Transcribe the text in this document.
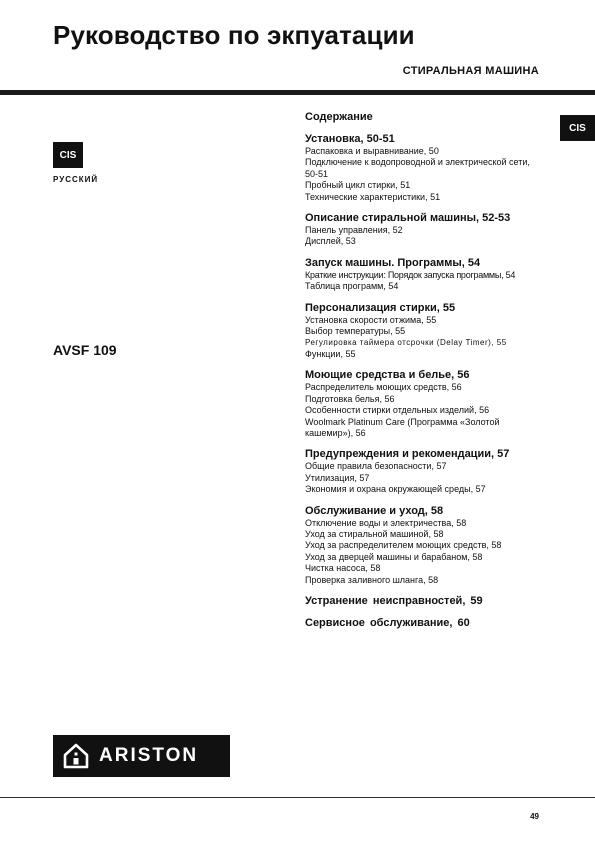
Руководство по экпуатации
СТИРАЛЬНАЯ МАШИНА
CIS
РУССКИЙ
CIS
AVSF 109
Содержание
Установка, 50-51
Распаковка и выравнивание, 50
Подключение к водопроводной и электрической сети, 50-51
Пробный цикл стирки, 51
Технические характеристики, 51
Описание стиральной машины, 52-53
Панель управления, 52
Дисплей, 53
Запуск машины. Программы, 54
Краткие инструкции: Порядок запуска программы, 54
Таблица программ, 54
Персонализация стирки, 55
Установка скорости отжима, 55
Выбор температуры, 55
Регулировка таймера отсрочки (Delay Timer), 55
Функции, 55
Моющие средства и белье, 56
Распределитель моющих средств, 56
Подготовка белья, 56
Особенности стирки отдельных изделий, 56
Woolmark Platinum Care (Программа «Золотой кашемир»), 56
Предупреждения и рекомендации, 57
Общие правила безопасности, 57
Утилизация, 57
Экономия и охрана окружающей среды, 57
Обслуживание и уход, 58
Отключение воды и электричества, 58
Уход за стиральной машиной, 58
Уход за распределителем моющих средств, 58
Уход за дверцей машины и барабаном, 58
Чистка насоса, 58
Проверка заливного шланга, 58
Устранение неисправностей, 59
Сервисное обслуживание, 60
ARISTON
49
